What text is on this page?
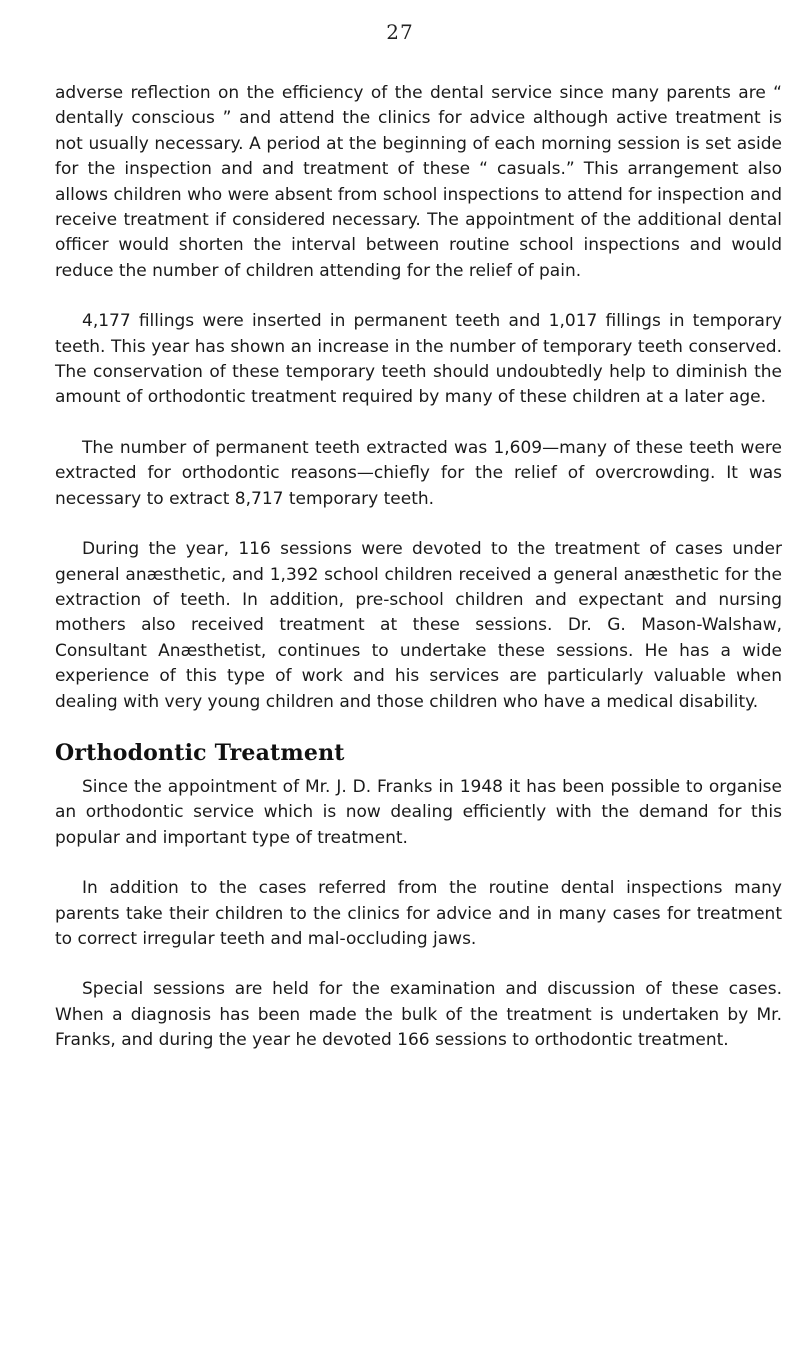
27

adverse reflection on the efficiency of the dental service since many parents are “ dentally conscious ” and attend the clinics for advice although active treatment is not usually necessary. A period at the beginning of each morning session is set aside for the inspection and and treatment of these “ casuals.” This arrangement also allows children who were absent from school inspections to attend for inspection and receive treatment if considered necessary. The appointment of the additional dental officer would shorten the interval between routine school inspections and would reduce the number of children attending for the relief of pain.

4,177 fillings were inserted in permanent teeth and 1,017 fillings in temporary teeth. This year has shown an increase in the number of temporary teeth conserved. The conservation of these temporary teeth should undoubtedly help to diminish the amount of orthodontic treatment required by many of these children at a later age.

The number of permanent teeth extracted was 1,609—many of these teeth were extracted for orthodontic reasons—chiefly for the relief of overcrowding. It was necessary to extract 8,717 temporary teeth.

During the year, 116 sessions were devoted to the treatment of cases under general anæsthetic, and 1,392 school children received a general anæsthetic for the extraction of teeth. In addition, pre-school children and expectant and nursing mothers also received treatment at these sessions. Dr. G. Mason-Walshaw, Consultant Anæsthetist, continues to undertake these sessions. He has a wide experience of this type of work and his services are particularly valuable when dealing with very young children and those children who have a medical disability.

Orthodontic Treatment

Since the appointment of Mr. J. D. Franks in 1948 it has been possible to organise an orthodontic service which is now dealing efficiently with the demand for this popular and important type of treatment.

In addition to the cases referred from the routine dental inspections many parents take their children to the clinics for advice and in many cases for treatment to correct irregular teeth and mal-occluding jaws.

Special sessions are held for the examination and discussion of these cases. When a diagnosis has been made the bulk of the treatment is undertaken by Mr. Franks, and during the year he devoted 166 sessions to orthodontic treatment.
